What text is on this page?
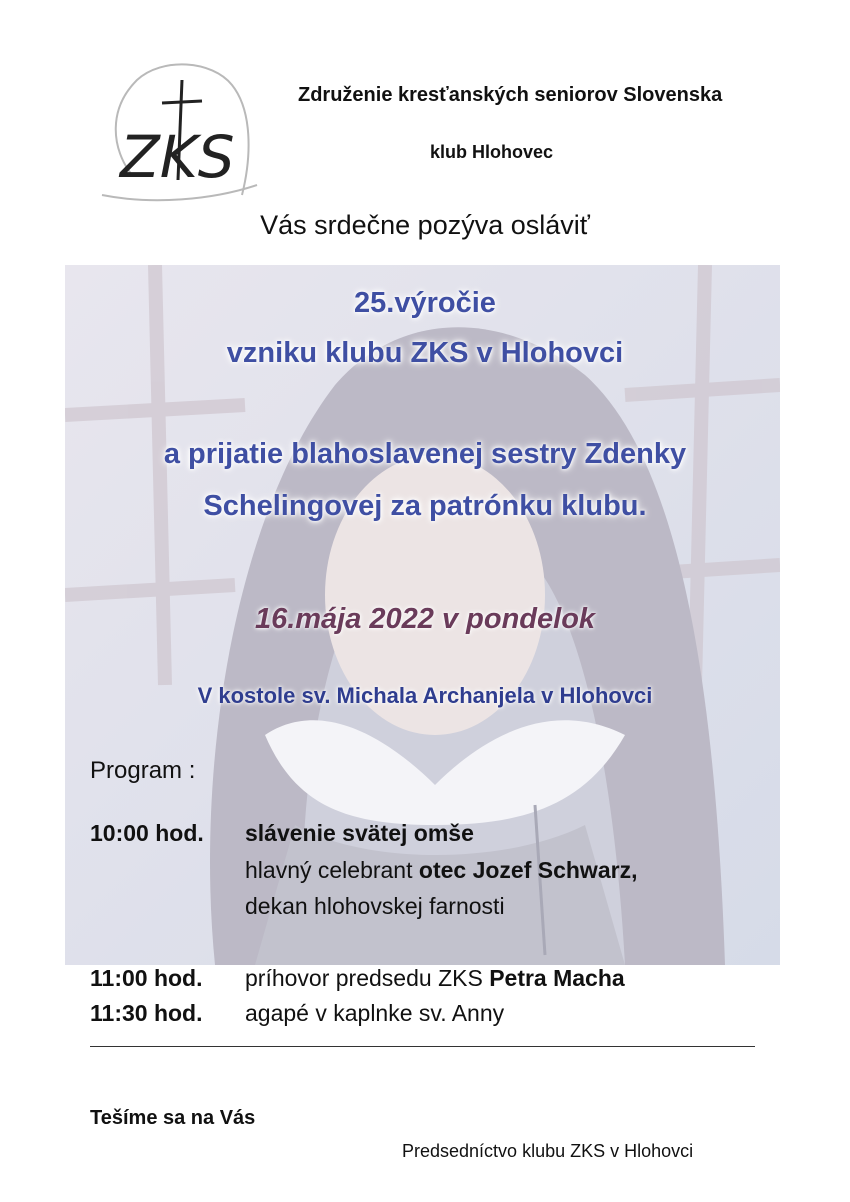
ZKS
Združenie kresťanských seniorov Slovenska
klub Hlohovec
Vás srdečne pozýva osláviť
25.výročie
vzniku klubu ZKS v Hlohovci
a prijatie blahoslavenej sestry Zdenky
Schelingovej za patrónku klubu.
16.mája 2022 v pondelok
V kostole sv. Michala Archanjela v Hlohovci
Program :
10:00 hod. slávenie svätej omše
hlavný celebrant otec Jozef Schwarz,
dekan hlohovskej farnosti
11:00 hod. príhovor predsedu ZKS Petra Macha
11:30 hod. agapé v kaplnke sv. Anny
Tešíme sa na Vás
Predsedníctvo klubu ZKS v Hlohovci
